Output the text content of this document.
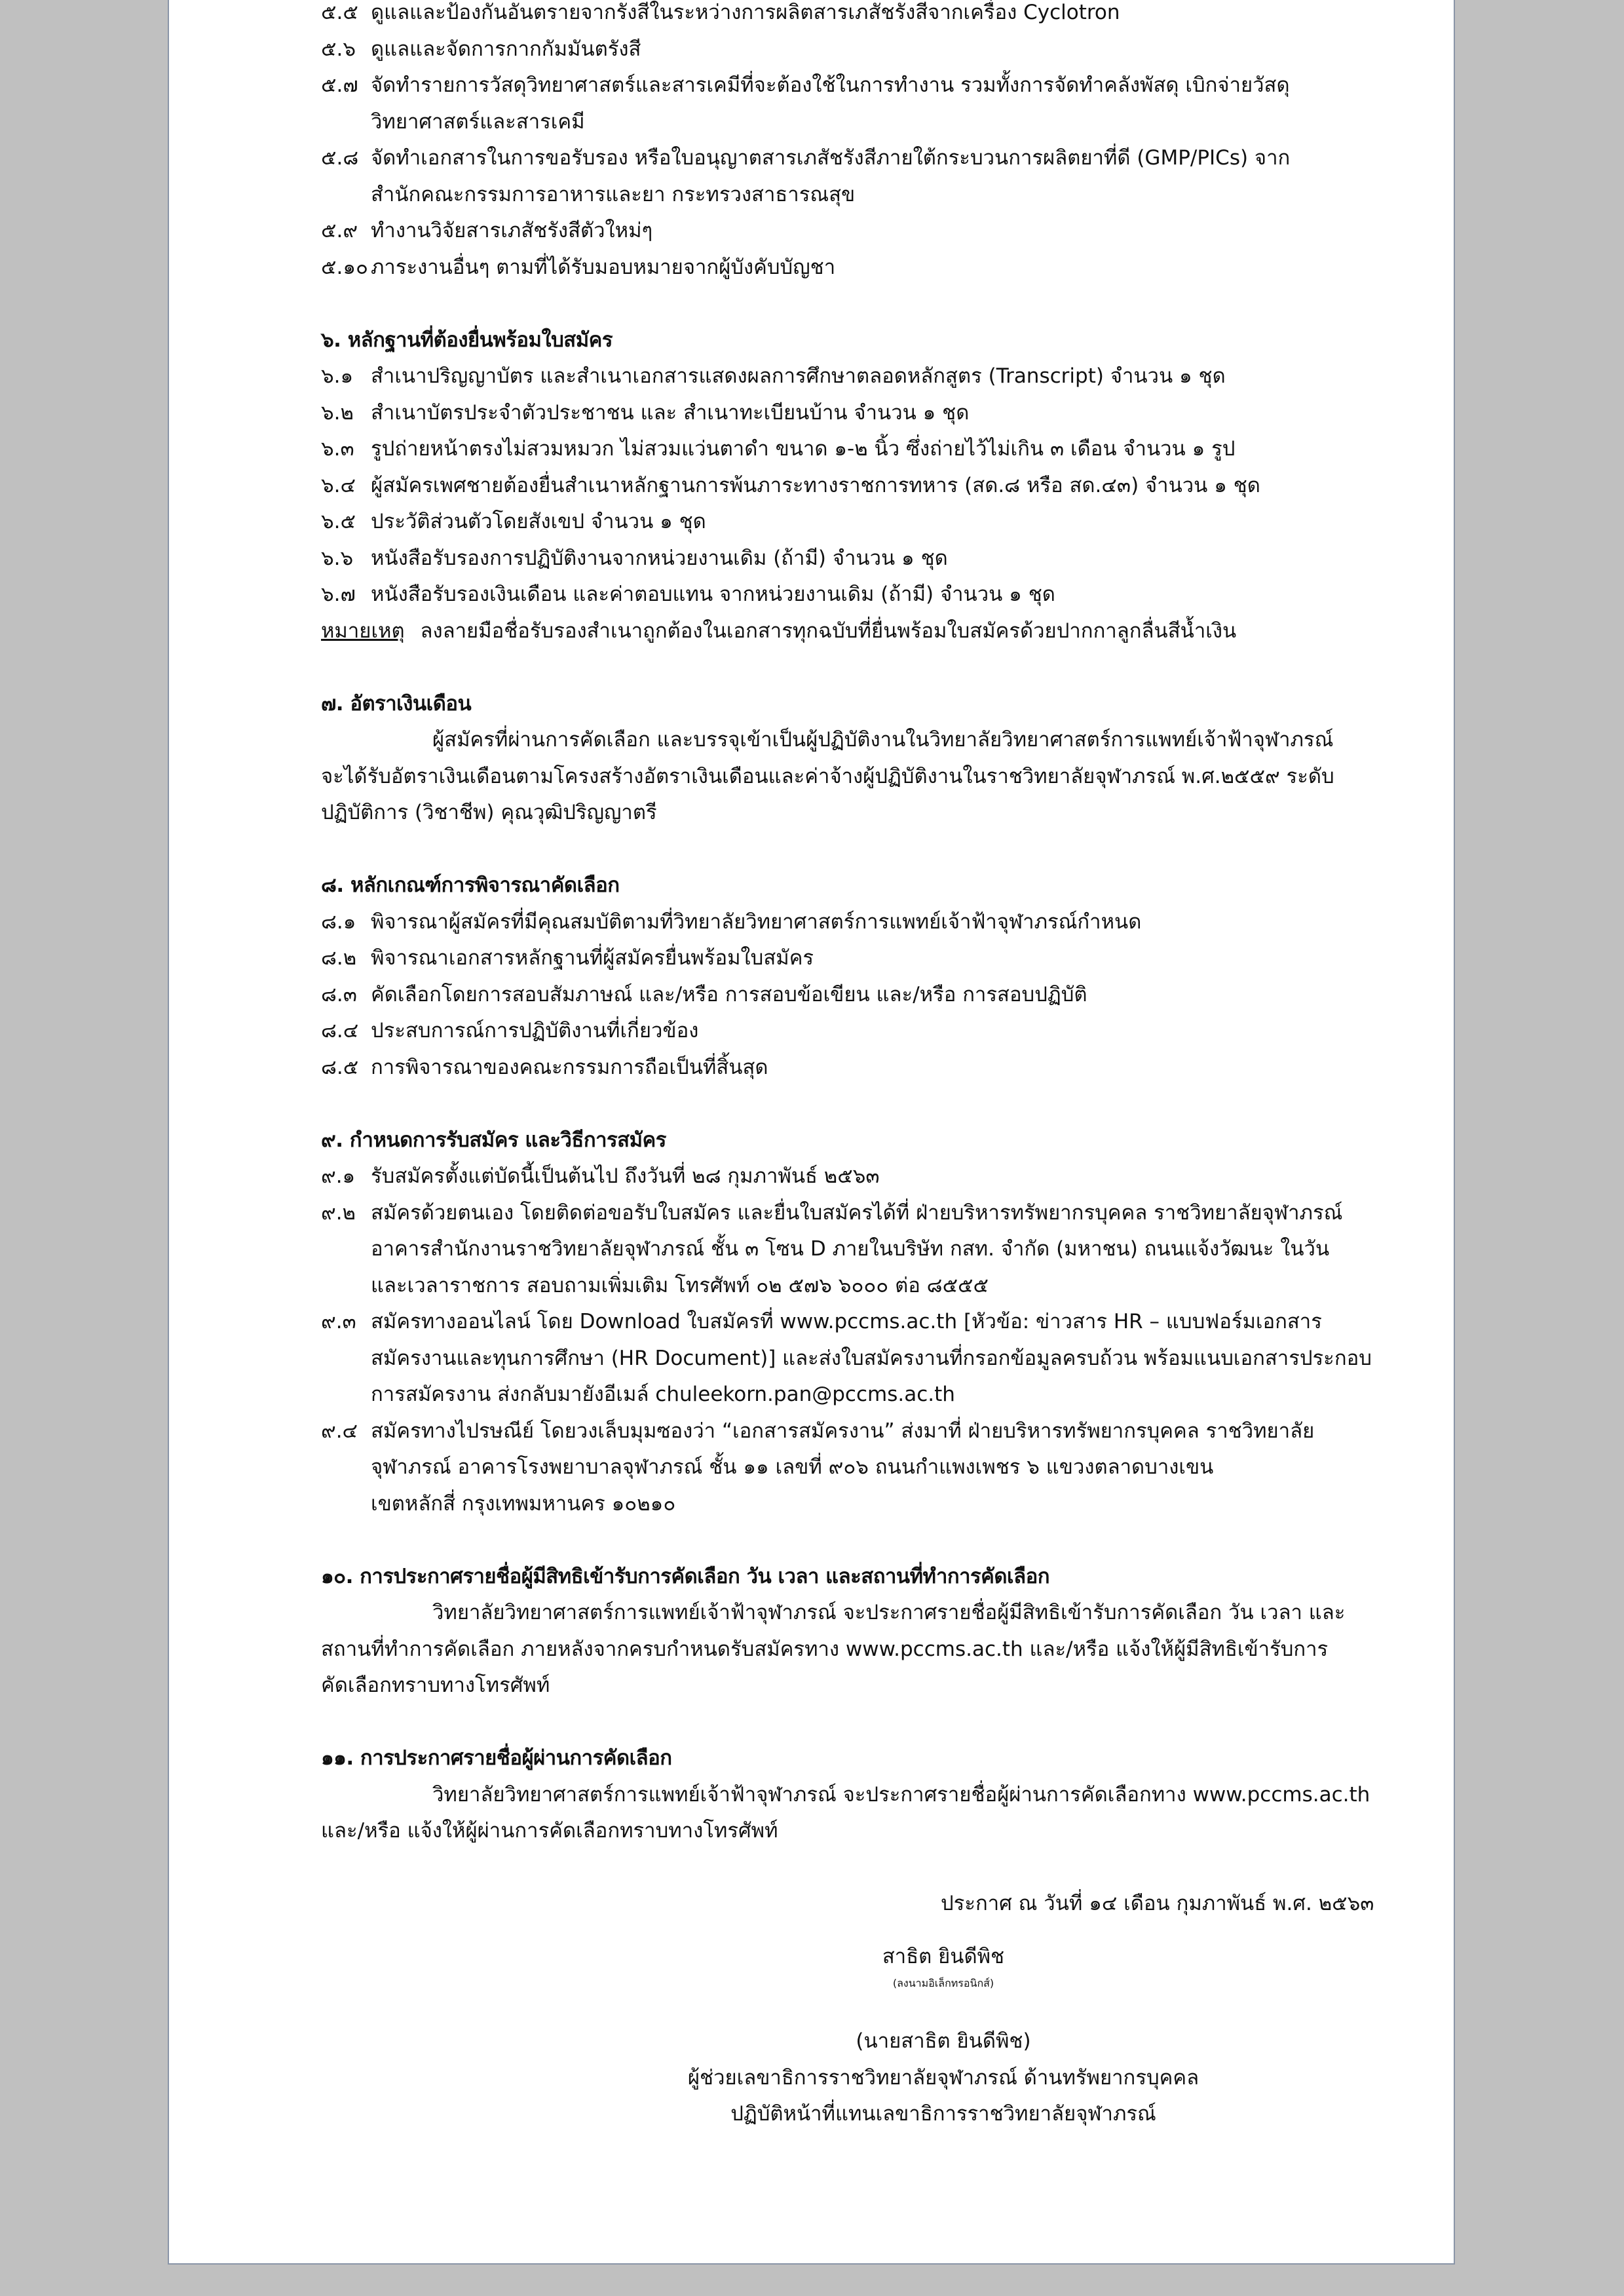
๕.๕ ดูแลและป้องกันอันตรายจากรังสีในระหว่างการผลิตสารเภสัชรังสีจากเครื่อง Cyclotron
๕.๖ ดูแลและจัดการกากกัมมันตรังสี
๕.๗ จัดทำรายการวัสดุวิทยาศาสตร์และสารเคมีที่จะต้องใช้ในการทำงาน รวมทั้งการจัดทำคลังพัสดุ เบิกจ่ายวัสดุ
วิทยาศาสตร์และสารเคมี
๕.๘ จัดทำเอกสารในการขอรับรอง หรือใบอนุญาตสารเภสัชรังสีภายใต้กระบวนการผลิตยาที่ดี (GMP/PICs) จาก
สำนักคณะกรรมการอาหารและยา กระทรวงสาธารณสุข
๕.๙ ทำงานวิจัยสารเภสัชรังสีตัวใหม่ๆ
๕.๑๐ ภาระงานอื่นๆ ตามที่ได้รับมอบหมายจากผู้บังคับบัญชา
๖. หลักฐานที่ต้องยื่นพร้อมใบสมัคร
๖.๑ สำเนาปริญญาบัตร และสำเนาเอกสารแสดงผลการศึกษาตลอดหลักสูตร (Transcript) จำนวน ๑ ชุด
๖.๒ สำเนาบัตรประจำตัวประชาชน และ สำเนาทะเบียนบ้าน จำนวน ๑ ชุด
๖.๓ รูปถ่ายหน้าตรงไม่สวมหมวก ไม่สวมแว่นตาดำ ขนาด ๑-๒ นิ้ว ซึ่งถ่ายไว้ไม่เกิน ๓ เดือน จำนวน ๑ รูป
๖.๔ ผู้สมัครเพศชายต้องยื่นสำเนาหลักฐานการพ้นภาระทางราชการทหาร (สด.๘ หรือ สด.๔๓) จำนวน ๑ ชุด
๖.๕ ประวัติส่วนตัวโดยสังเขป จำนวน ๑ ชุด
๖.๖ หนังสือรับรองการปฏิบัติงานจากหน่วยงานเดิม (ถ้ามี) จำนวน ๑ ชุด
๖.๗ หนังสือรับรองเงินเดือน และค่าตอบแทน จากหน่วยงานเดิม (ถ้ามี) จำนวน ๑ ชุด
หมายเหตุ ลงลายมือชื่อรับรองสำเนาถูกต้องในเอกสารทุกฉบับที่ยื่นพร้อมใบสมัครด้วยปากกาลูกลื่นสีน้ำเงิน
๗. อัตราเงินเดือน
ผู้สมัครที่ผ่านการคัดเลือก และบรรจุเข้าเป็นผู้ปฏิบัติงานในวิทยาลัยวิทยาศาสตร์การแพทย์เจ้าฟ้าจุฬาภรณ์
จะได้รับอัตราเงินเดือนตามโครงสร้างอัตราเงินเดือนและค่าจ้างผู้ปฏิบัติงานในราชวิทยาลัยจุฬาภรณ์ พ.ศ.๒๕๕๙ ระดับ
ปฏิบัติการ (วิชาชีพ) คุณวุฒิปริญญาตรี
๘. หลักเกณฑ์การพิจารณาคัดเลือก
๘.๑ พิจารณาผู้สมัครที่มีคุณสมบัติตามที่วิทยาลัยวิทยาศาสตร์การแพทย์เจ้าฟ้าจุฬาภรณ์กำหนด
๘.๒ พิจารณาเอกสารหลักฐานที่ผู้สมัครยื่นพร้อมใบสมัคร
๘.๓ คัดเลือกโดยการสอบสัมภาษณ์ และ/หรือ การสอบข้อเขียน และ/หรือ การสอบปฏิบัติ
๘.๔ ประสบการณ์การปฏิบัติงานที่เกี่ยวข้อง
๘.๕ การพิจารณาของคณะกรรมการถือเป็นที่สิ้นสุด
๙. กำหนดการรับสมัคร และวิธีการสมัคร
๙.๑ รับสมัครตั้งแต่บัดนี้เป็นต้นไป ถึงวันที่ ๒๘ กุมภาพันธ์ ๒๕๖๓
๙.๒ สมัครด้วยตนเอง โดยติดต่อขอรับใบสมัคร และยื่นใบสมัครได้ที่ ฝ่ายบริหารทรัพยากรบุคคล ราชวิทยาลัยจุฬาภรณ์
อาคารสำนักงานราชวิทยาลัยจุฬาภรณ์ ชั้น ๓ โซน D ภายในบริษัท กสท. จำกัด (มหาชน) ถนนแจ้งวัฒนะ ในวัน
และเวลาราชการ สอบถามเพิ่มเติม โทรศัพท์ ๐๒ ๕๗๖ ๖๐๐๐ ต่อ ๘๕๕๕
๙.๓ สมัครทางออนไลน์ โดย Download ใบสมัครที่ www.pccms.ac.th [หัวข้อ: ข่าวสาร HR – แบบฟอร์มเอกสาร
สมัครงานและทุนการศึกษา (HR Document)] และส่งใบสมัครงานที่กรอกข้อมูลครบถ้วน พร้อมแนบเอกสารประกอบ
การสมัครงาน ส่งกลับมายังอีเมล์ chuleekorn.pan@pccms.ac.th
๙.๔ สมัครทางไปรษณีย์ โดยวงเล็บมุมซองว่า “เอกสารสมัครงาน” ส่งมาที่ ฝ่ายบริหารทรัพยากรบุคคล ราชวิทยาลัย
จุฬาภรณ์ อาคารโรงพยาบาลจุฬาภรณ์ ชั้น ๑๑ เลขที่ ๙๐๖ ถนนกำแพงเพชร ๖ แขวงตลาดบางเขน
เขตหลักสี่ กรุงเทพมหานคร ๑๐๒๑๐
๑๐. การประกาศรายชื่อผู้มีสิทธิเข้ารับการคัดเลือก วัน เวลา และสถานที่ทำการคัดเลือก
วิทยาลัยวิทยาศาสตร์การแพทย์เจ้าฟ้าจุฬาภรณ์ จะประกาศรายชื่อผู้มีสิทธิเข้ารับการคัดเลือก วัน เวลา และ
สถานที่ทำการคัดเลือก ภายหลังจากครบกำหนดรับสมัครทาง www.pccms.ac.th และ/หรือ แจ้งให้ผู้มีสิทธิเข้ารับการ
คัดเลือกทราบทางโทรศัพท์
๑๑. การประกาศรายชื่อผู้ผ่านการคัดเลือก
วิทยาลัยวิทยาศาสตร์การแพทย์เจ้าฟ้าจุฬาภรณ์ จะประกาศรายชื่อผู้ผ่านการคัดเลือกทาง www.pccms.ac.th
และ/หรือ แจ้งให้ผู้ผ่านการคัดเลือกทราบทางโทรศัพท์
ประกาศ ณ วันที่ ๑๔ เดือน กุมภาพันธ์ พ.ศ. ๒๕๖๓
สาธิต ยินดีพิช
(ลงนามอิเล็กทรอนิกส์)
(นายสาธิต ยินดีพิช)
ผู้ช่วยเลขาธิการราชวิทยาลัยจุฬาภรณ์ ด้านทรัพยากรบุคคล
ปฏิบัติหน้าที่แทนเลขาธิการราชวิทยาลัยจุฬาภรณ์
